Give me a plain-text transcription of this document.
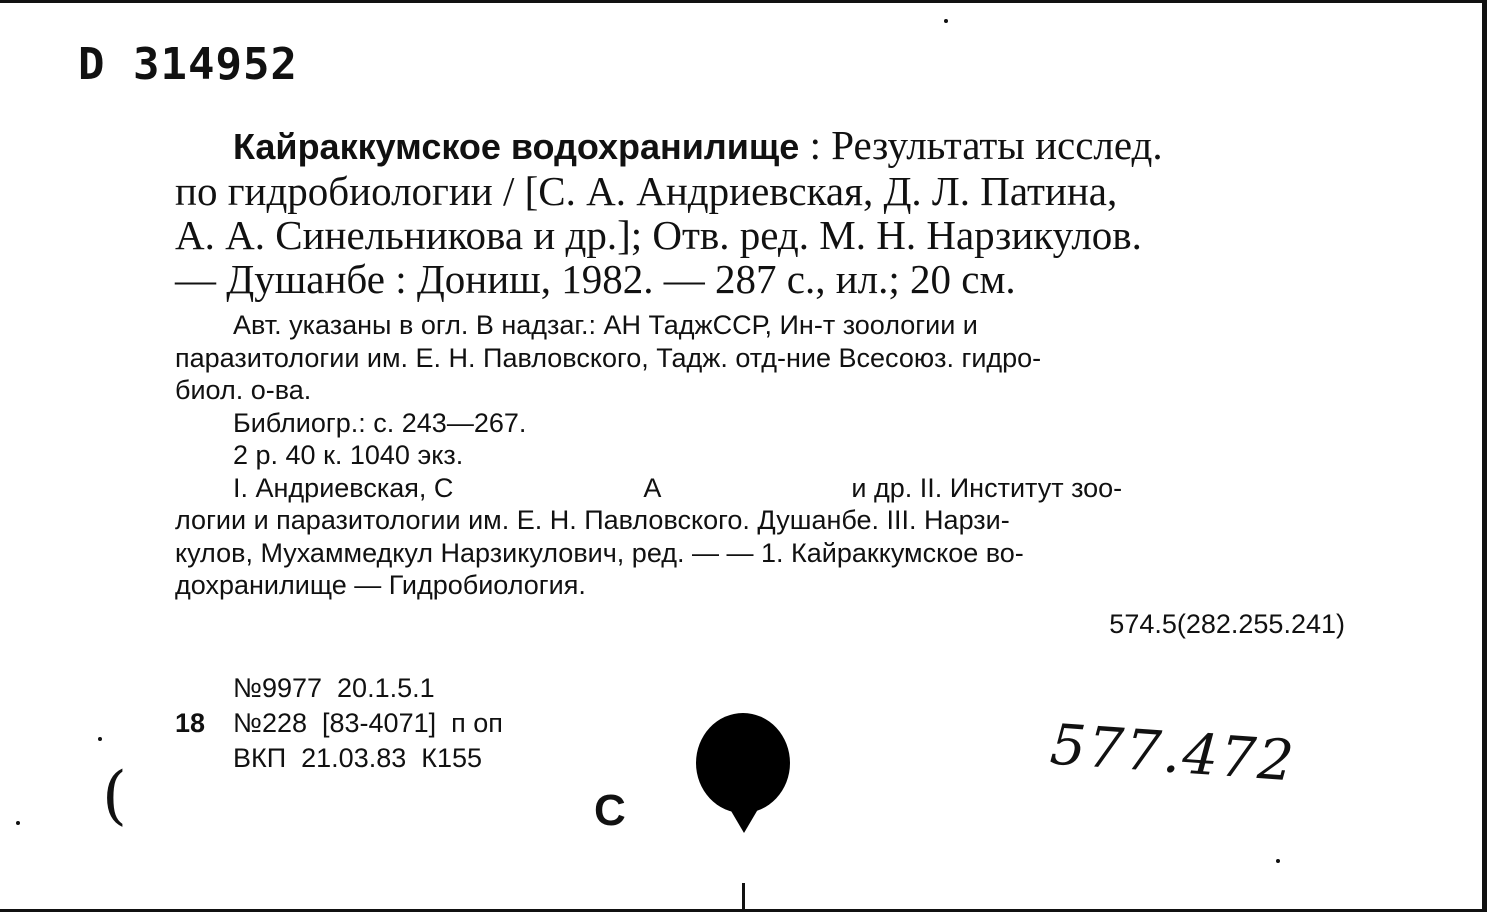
D 314952
Кайраккумское водохранилище : Результаты исслед.
по гидробиологии / [С. А. Андриевская, Д. Л. Патина,
А. А. Синельникова и др.]; Отв. ред. М. Н. Нарзикулов.
— Душанбе : Дониш, 1982. — 287 с., ил.; 20 см.

Авт. указаны в огл. В надзаг.: АН ТаджССР, Ин-т зоологии и

паразитологии им. Е. Н. Павловского, Тадж. отд-ние Всесоюз. гидро-

биол. о-ва.

Библиогр.: с. 243—267.

2 р. 40 к. 1040 экз.

I. Андриевская, С	А	и др. II. Институт зоо-

логии и паразитологии им. Е. Н. Павловского. Душанбе. III. Нарзи-

кулов, Мухаммедкул Нарзикулович, ред. — — 1. Кайраккумское во-

дохранилище — Гидробиология.

574.5(282.255.241)

№9977  20.1.5.1
18 №228  [83-4071]  п оп
ВКП  21.03.83  К155
С
577.472
(
